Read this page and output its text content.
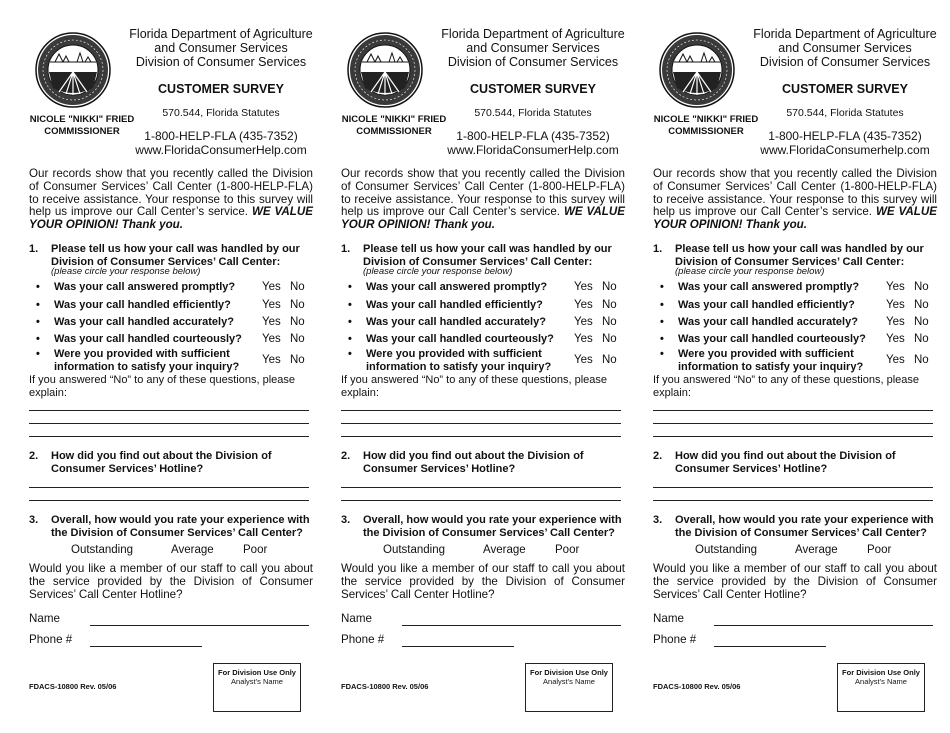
Florida Department of Agriculture
and Consumer Services
Division of Consumer Services
CUSTOMER SURVEY
NICOLE "NIKKI" FRIED
COMMISSIONER
570.544, Florida Statutes
1-800-HELP-FLA (435-7352)
www.FloridaConsumerHelp.com
Our records show that you recently called the Division of Consumer Services’ Call Center (1-800-HELP-FLA) to receive assistance. Your response to this survey will help us improve our Call Center’s service. WE VALUE YOUR OPINION! Thank you.
1. Please tell us how your call was handled by our Division of Consumer Services’ Call Center:
(please circle your response below)
• Was your call answered promptly?	Yes No
• Was your call handled efficiently?	Yes No
• Was your call handled accurately?	Yes No
• Was your call handled courteously?	Yes No
• Were you provided with sufficient information to satisfy your inquiry?
Yes No
If you answered “No” to any of these questions, please explain:
2. How did you find out about the Division of Consumer Services’ Hotline?
3. Overall, how would you rate your experience with the Division of Consumer Services’ Call Center?
Outstanding	Average	Poor
Would you like a member of our staff to call you about the service provided by the Division of Consumer Services’ Call Center Hotline?
Name
Phone #
FDACS-10800 Rev. 05/06
For Division Use Only
Analyst’s Name
Florida Department of Agriculture
and Consumer Services
Division of Consumer Services
CUSTOMER SURVEY
NICOLE "NIKKI" FRIED
COMMISSIONER
570.544, Florida Statutes
1-800-HELP-FLA (435-7352)
www.FloridaConsumerHelp.com
Our records show that you recently called the Division of Consumer Services’ Call Center (1-800-HELP-FLA) to receive assistance. Your response to this survey will help us improve our Call Center’s service. WE VALUE YOUR OPINION! Thank you.
1. Please tell us how your call was handled by our Division of Consumer Services’ Call Center:
(please circle your response below)
• Was your call answered promptly?	Yes No
• Was your call handled efficiently?	Yes No
• Was your call handled accurately?	Yes No
• Was your call handled courteously?	Yes No
• Were you provided with sufficient information to satisfy your inquiry?
Yes No
If you answered “No” to any of these questions, please explain:
2. How did you find out about the Division of Consumer Services’ Hotline?
3. Overall, how would you rate your experience with the Division of Consumer Services’ Call Center?
Outstanding	Average	Poor
Would you like a member of our staff to call you about the service provided by the Division of Consumer Services’ Call Center Hotline?
Name
Phone #
FDACS-10800 Rev. 05/06
For Division Use Only
Analyst’s Name
Florida Department of Agriculture
and Consumer Services
Division of Consumer Services
CUSTOMER SURVEY
NICOLE "NIKKI" FRIED
COMMISSIONER
570.544, Florida Statutes
1-800-HELP-FLA (435-7352)
www.FloridaConsumerhelp.com
Our records show that you recently called the Division of Consumer Services’ Call Center (1-800-HELP-FLA) to receive assistance. Your response to this survey will help us improve our Call Center’s service. WE VALUE YOUR OPINION! Thank you.
1. Please tell us how your call was handled by our Division of Consumer Services’ Call Center:
(please circle your response below)
• Was your call answered promptly?	Yes No
• Was your call handled efficiently?	Yes No
• Was your call handled accurately?	Yes No
• Was your call handled courteously?	Yes No
• Were you provided with sufficient information to satisfy your inquiry?
Yes No
If you answered “No” to any of these questions, please explain:
2. How did you find out about the Division of Consumer Services’ Hotline?
3. Overall, how would you rate your experience with the Division of Consumer Services’ Call Center?
Outstanding	Average	Poor
Would you like a member of our staff to call you about the service provided by the Division of Consumer Services’ Call Center Hotline?
Name
Phone #
FDACS-10800 Rev. 05/06
For Division Use Only
Analyst’s Name
